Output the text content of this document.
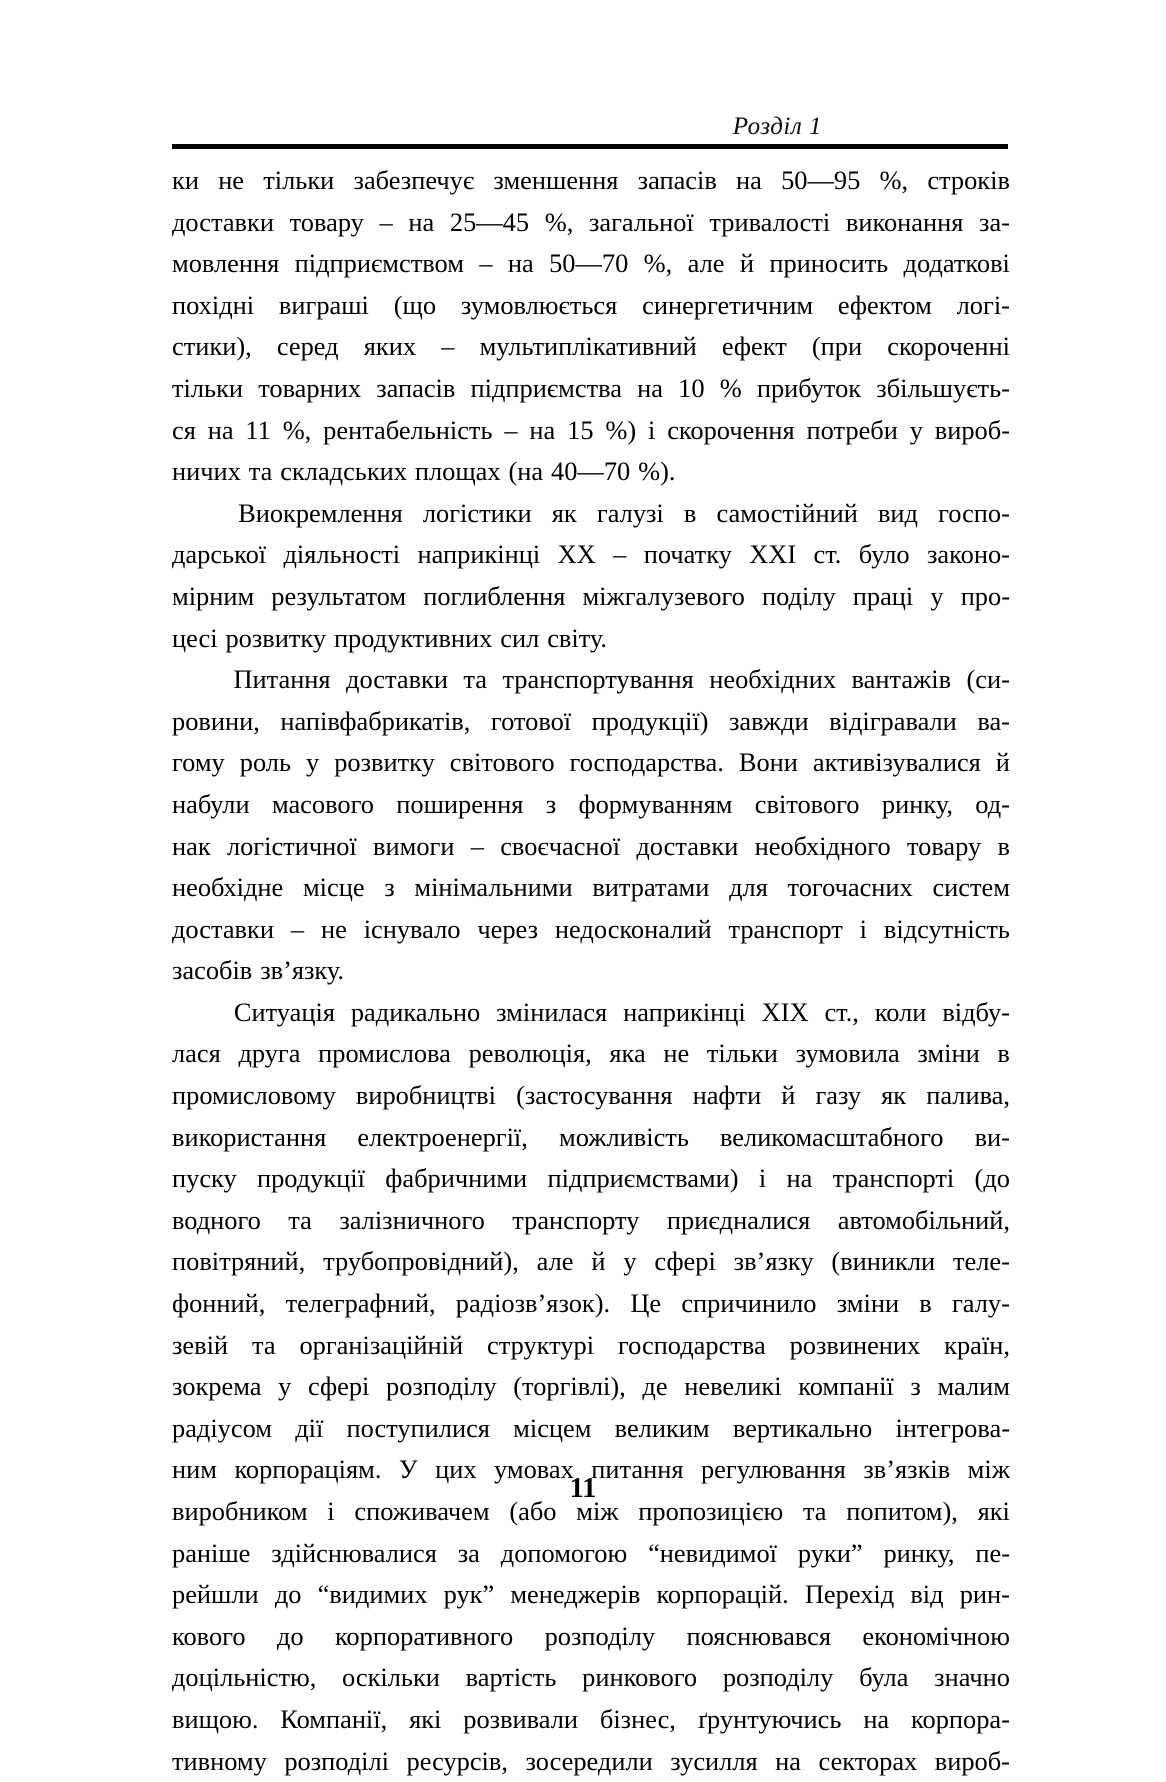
Розділ 1
ки не тільки забезпечує зменшення запасів на 50—95 %, строків
доставки товару – на 25—45 %, загальної тривалості виконання за-
мовлення підприємством – на 50—70 %, але й приносить додаткові
похідні виграші (що зумовлюється синергетичним ефектом логі-
стики), серед яких – мультиплікативний ефект (при скороченні
тільки товарних запасів підприємства на 10 % прибуток збільшуєть-
ся на 11 %, рентабельність – на 15 %) і скорочення потреби у вироб-
ничих та складських площах (на 40—70 %).
Виокремлення логістики як галузі в самостійний вид госпо-
дарської діяльності наприкінці XX – початку XXI ст. було законо-
мірним результатом поглиблення міжгалузевого поділу праці у про-
цесі розвитку продуктивних сил світу.
Питання доставки та транспортування необхідних вантажів (си-
ровини, напівфабрикатів, готової продукції) завжди відігравали ва-
гому роль у розвитку світового господарства. Вони активізувалися й
набули масового поширення з формуванням світового ринку, од-
нак логістичної вимоги – своєчасної доставки необхідного товару в
необхідне місце з мінімальними витратами для тогочасних систем
доставки – не існувало через недосконалий транспорт і відсутність
засобів зв’язку.
Ситуація радикально змінилася наприкінці XIX ст., коли відбу-
лася друга промислова революція, яка не тільки зумовила зміни в
промисловому виробництві (застосування нафти й газу як палива,
використання електроенергії, можливість великомасштабного ви-
пуску продукції фабричними підприємствами) і на транспорті (до
водного та залізничного транспорту приєдналися автомобільний,
повітряний, трубопровідний), але й у сфері зв’язку (виникли теле-
фонний, телеграфний, радіозв’язок). Це спричинило зміни в галу-
зевій та організаційній структурі господарства розвинених країн,
зокрема у сфері розподілу (торгівлі), де невеликі компанії з малим
радіусом дії поступилися місцем великим вертикально інтегрова-
ним корпораціям. У цих умовах питання регулювання зв’язків між
виробником і споживачем (або між пропозицією та попитом), які
раніше здійснювалися за допомогою “невидимої руки” ринку, пе-
рейшли до “видимих рук” менеджерів корпорацій. Перехід від рин-
кового до корпоративного розподілу пояснювався економічною
доцільністю, оскільки вартість ринкового розподілу була значно
вищою. Компанії, які розвивали бізнес, ґрунтуючись на корпора-
тивному розподілі ресурсів, зосередили зусилля на секторах вироб-
11
